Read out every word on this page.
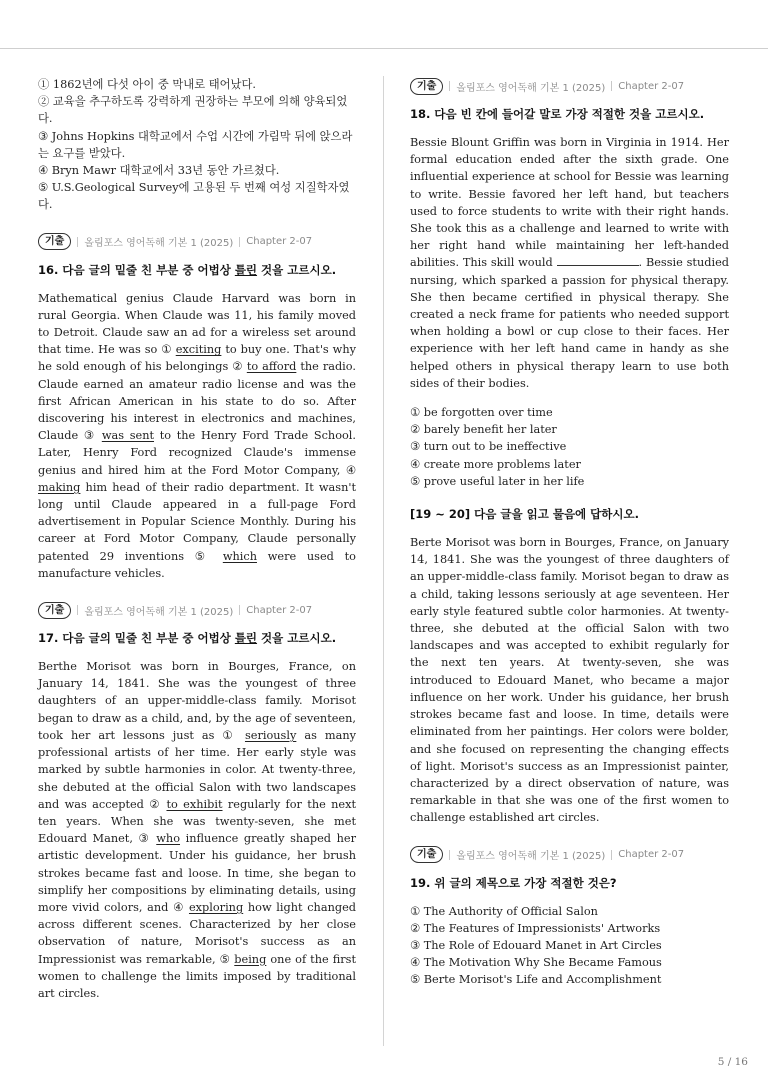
① 1862년에 다섯 아이 중 막내로 태어났다.
② 교육을 추구하도록 강력하게 권장하는 부모에 의해 양육되었다.
③ Johns Hopkins 대학교에서 수업 시간에 가림막 뒤에 앉으라는 요구를 받았다.
④ Bryn Mawr 대학교에서 33년 동안 가르쳤다.
⑤ U.S.Geological Survey에 고용된 두 번째 여성 지질학자였다.
기출	올림포스 영어독해 기본 1 (2025) Chapter 2-07
16. 다음 글의 밑줄 친 부분 중 어법상 틀린 것을 고르시오.

Mathematical genius Claude Harvard was born in rural Georgia. When Claude was 11, his family moved to Detroit. Claude saw an ad for a wireless set around that time. He was so ① exciting to buy one. That's why he sold enough of his belongings ② to afford the radio. Claude earned an amateur radio license and was the first African American in his state to do so. After discovering his interest in electronics and machines, Claude ③ was sent to the Henry Ford Trade School. Later, Henry Ford recognized Claude's immense genius and hired him at the Ford Motor Company, ④ making him head of their radio department. It wasn't long until Claude appeared in a full-page Ford advertisement in Popular Science Monthly. During his career at Ford Motor Company, Claude personally patented 29 inventions ⑤ which were used to manufacture vehicles.

기출	올림포스 영어독해 기본 1 (2025) Chapter 2-07
17. 다음 글의 밑줄 친 부분 중 어법상 틀린 것을 고르시오.

Berthe Morisot was born in Bourges, France, on January 14, 1841. She was the youngest of three daughters of an upper-middle-class family. Morisot began to draw as a child, and, by the age of seventeen, took her art lessons just as ① seriously as many professional artists of her time. Her early style was marked by subtle harmonies in color. At twenty-three, she debuted at the official Salon with two landscapes and was accepted ② to exhibit regularly for the next ten years. When she was twenty-seven, she met Edouard Manet, ③ who influence greatly shaped her artistic development. Under his guidance, her brush strokes became fast and loose. In time, she began to simplify her compositions by eliminating details, using more vivid colors, and ④ exploring how light changed across different scenes. Characterized by her close observation of nature, Morisot's success as an Impressionist was remarkable, ⑤ being one of the first women to challenge the limits imposed by traditional art circles.

기출	올림포스 영어독해 기본 1 (2025) Chapter 2-07
18. 다음 빈 칸에 들어갈 말로 가장 적절한 것을 고르시오.

Bessie Blount Griffin was born in Virginia in 1914. Her formal education ended after the sixth grade. One influential experience at school for Bessie was learning to write. Bessie favored her left hand, but teachers used to force students to write with their right hands. She took this as a challenge and learned to write with her right hand while maintaining her left-handed abilities. This skill would	. Bessie studied nursing, which sparked a passion for physical therapy. She then became certified in physical therapy. She created a neck frame for patients who needed support when holding a bowl or cup close to their faces. Her experience with her left hand came in handy as she helped others in physical therapy learn to use both sides of their bodies.

① be forgotten over time
② barely benefit her later
③ turn out to be ineffective
④ create more problems later
⑤ prove useful later in her life
[19 ~ 20] 다음 글을 읽고 물음에 답하시오.

Berte Morisot was born in Bourges, France, on January 14, 1841. She was the youngest of three daughters of an upper-middle-class family. Morisot began to draw as a child, taking lessons seriously at age seventeen. Her early style featured subtle color harmonies. At twenty-three, she debuted at the official Salon with two landscapes and was accepted to exhibit regularly for the next ten years. At twenty-seven, she was introduced to Edouard Manet, who became a major influence on her work. Under his guidance, her brush strokes became fast and loose. In time, details were eliminated from her paintings. Her colors were bolder, and she focused on representing the changing effects of light. Morisot's success as an Impressionist painter, characterized by a direct observation of nature, was remarkable in that she was one of the first women to challenge established art circles.

기출	올림포스 영어독해 기본 1 (2025) Chapter 2-07
19. 위 글의 제목으로 가장 적절한 것은?
① The Authority of Official Salon
② The Features of Impressionists' Artworks
③ The Role of Edouard Manet in Art Circles
④ The Motivation Why She Became Famous
⑤ Berte Morisot's Life and Accomplishment
5 / 16
